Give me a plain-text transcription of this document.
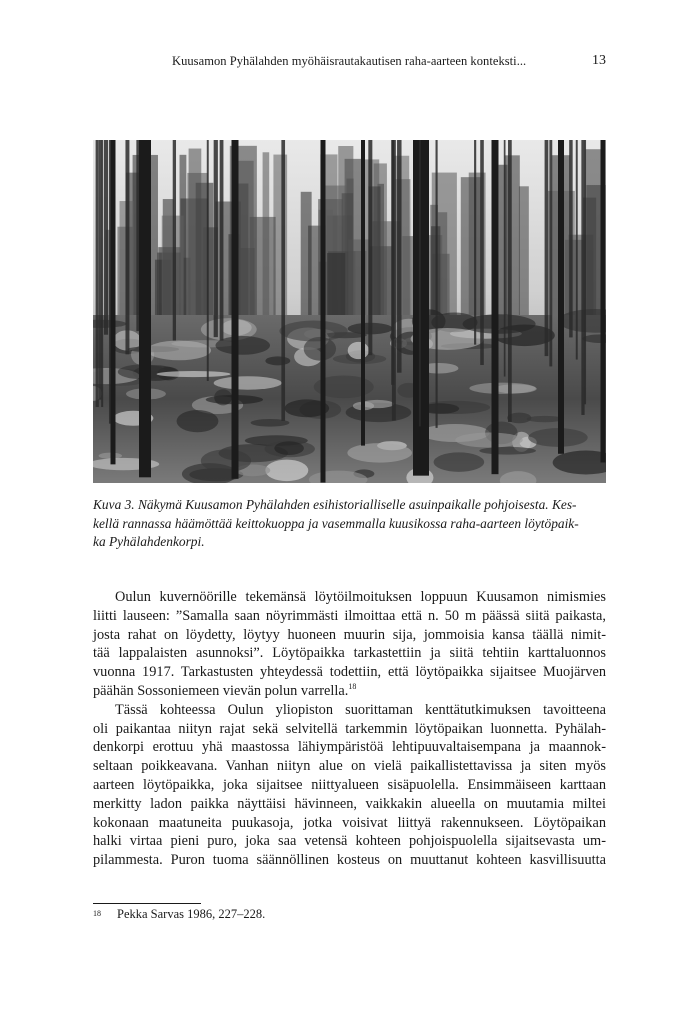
Kuusamon Pyhälahden myöhäisrautakautisen raha-aarteen konteksti...	13

Kuva 3. Näkymä Kuusamon Pyhälahden esihistorialliselle asuinpaikalle pohjoisesta. Kes-
kellä rannassa häämöttää keittokuoppa ja vasemmalla kuusikossa raha-aarteen löytöpaik-
ka Pyhälahdenkorpi.

Oulun kuvernöörille tekemänsä löytöilmoituksen loppuun Kuusamon nimismies
liitti lauseen: ”Samalla saan nöyrimmästi ilmoittaa että n. 50 m päässä siitä paikasta,
josta rahat on löydetty, löytyy huoneen muurin sija, jommoisia kansa täällä nimit-
tää lappalaisten asunnoksi”. Löytöpaikka tarkastettiin ja siitä tehtiin karttaluonnos
vuonna 1917. Tarkastusten yhteydessä todettiin, että löytöpaikka sijaitsee Muojärven
päähän Sossoniemeen vievän polun varrella.$^{18}$
Tässä kohteessa Oulun yliopiston suorittaman kenttätutkimuksen tavoitteena
oli paikantaa niityn rajat sekä selvitellä tarkemmin löytöpaikan luonnetta. Pyhälah-
denkorpi erottuu yhä maastossa lähiympäristöä lehtipuuvaltaisempana ja maannok-
seltaan poikkeavana. Vanhan niityn alue on vielä paikallistettavissa ja siten myös
aarteen löytöpaikka, joka sijaitsee niittyalueen sisäpuolella. Ensimmäiseen karttaan
merkitty ladon paikka näyttäisi hävinneen, vaikkakin alueella on muutamia miltei
kokonaan maatuneita puukasoja, jotka voisivat liittyä rakennukseen. Löytöpaikan
halki virtaa pieni puro, joka saa vetensä kohteen pohjoispuolella sijaitsevasta um-
pilammesta. Puron tuoma säännöllinen kosteus on muuttanut kohteen kasvillisuutta
$^{18}$ Pekka Sarvas 1986, 227–228.
